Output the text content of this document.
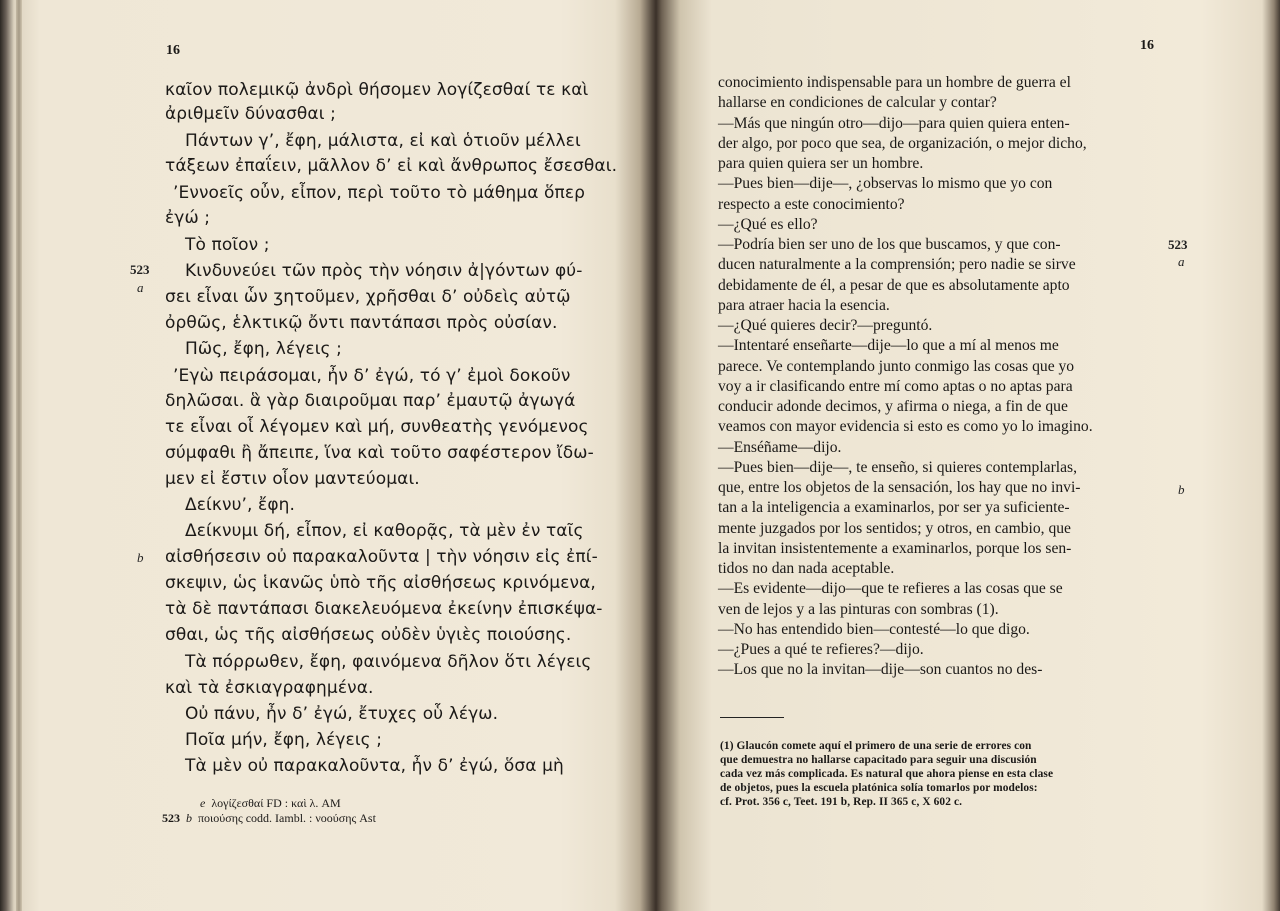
16
καῖον πολεμικῷ ἀνδρὶ θήσομεν λογίζεσθαί τε καὶ
ἀριθμεῖν δύνασθαι ;
Πάντων γ’, ἔφη, μάλιστα, εἰ καὶ ὁτιοῦν μέλλει
τάξεων ἐπαΐειν, μᾶλλον δ’ εἰ καὶ ἄνθρωπος ἔσεσθαι.
’Εννοεῖς οὖν, εἶπον, περὶ τοῦτο τὸ μάθημα ὅπερ
ἐγώ ;
Τὸ ποῖον ;
Κινδυνεύει τῶν πρὸς τὴν νόησιν ἀ|γόντων φύ-
σει εἶναι ὧν ʒητοῦμεν, χρῆσθαι δ’ οὐδεὶς αὐτῷ
ὀρθῶς, ἑλκτικῷ ὄντι παντάπασι πρὸς οὐσίαν.
Πῶς, ἔφη, λέγεις ;
’Εγὼ πειράσομαι, ἦν δ’ ἐγώ, τό γ’ ἐμοὶ δοκοῦν
δηλῶσαι. ἃ γὰρ διαιροῦμαι παρ’ ἐμαυτῷ ἀγωγά
τε εἶναι οἷ λέγομεν καὶ μή, συνθεατὴς γενόμενος
σύμφαθι ἢ ἄπειπε, ἵνα καὶ τοῦτο σαφέστερον ἴδω-
μεν εἰ ἔστιν οἷον μαντεύομαι.
Δείκνυ’, ἔφη.
Δείκνυμι δή, εἶπον, εἰ καθορᾷς, τὰ μὲν ἐν ταῖς
αἰσθήσεσιν οὐ παρακαλοῦντα | τὴν νόησιν εἰς ἐπί-
σκεψιν, ὡς ἱκανῶς ὑπὸ τῆς αἰσθήσεως κρινόμενα,
τὰ δὲ παντάπασι διακελευόμενα ἐκείνην ἐπισκέψα-
σθαι, ὡς τῆς αἰσθήσεως οὐδὲν ὑγιὲς ποιούσης.
Τὰ πόρρωθεν, ἔφη, φαινόμενα δῆλον ὅτι λέγεις
καὶ τὰ ἐσκιαγραφημένα.
Οὐ πάνυ, ἦν δ’ ἐγώ, ἔτυχες οὗ λέγω.
Ποῖα μήν, ἔφη, λέγεις ;
Τὰ μὲν οὐ παρακαλοῦντα, ἦν δ’ ἐγώ, ὅσα μὴ
523
a
b
e λογίζεσθαί FD : καὶ λ. AM
523 b ποιούσης codd. Iambl. : νοούσης Ast
16
conocimiento indispensable para un hombre de guerra el
hallarse en condiciones de calcular y contar?
—Más que ningún otro—dijo—para quien quiera enten-
der algo, por poco que sea, de organización, o mejor dicho,
para quien quiera ser un hombre.
—Pues bien—dije—, ¿observas lo mismo que yo con
respecto a este conocimiento?
—¿Qué es ello?
—Podría bien ser uno de los que buscamos, y que con-
ducen naturalmente a la comprensión; pero nadie se sirve
debidamente de él, a pesar de que es absolutamente apto
para atraer hacia la esencia.
—¿Qué quieres decir?—preguntó.
—Intentaré enseñarte—dije—lo que a mí al menos me
parece. Ve contemplando junto conmigo las cosas que yo
voy a ir clasificando entre mí como aptas o no aptas para
conducir adonde decimos, y afirma o niega, a fin de que
veamos con mayor evidencia si esto es como yo lo imagino.
—Enséñame—dijo.
—Pues bien—dije—, te enseño, si quieres contemplarlas,
que, entre los objetos de la sensación, los hay que no invi-
tan a la inteligencia a examinarlos, por ser ya suficiente-
mente juzgados por los sentidos; y otros, en cambio, que
la invitan insistentemente a examinarlos, porque los sen-
tidos no dan nada aceptable.
—Es evidente—dijo—que te refieres a las cosas que se
ven de lejos y a las pinturas con sombras (1).
—No has entendido bien—contesté—lo que digo.
—¿Pues a qué te refieres?—dijo.
—Los que no la invitan—dije—son cuantos no des-
523
a
b
(1) Glaucón comete aquí el primero de una serie de errores con
que demuestra no hallarse capacitado para seguir una discusión
cada vez más complicada. Es natural que ahora piense en esta clase
de objetos, pues la escuela platónica solía tomarlos por modelos:
cf. Prot. 356 c, Teet. 191 b, Rep. II 365 c, X 602 c.
